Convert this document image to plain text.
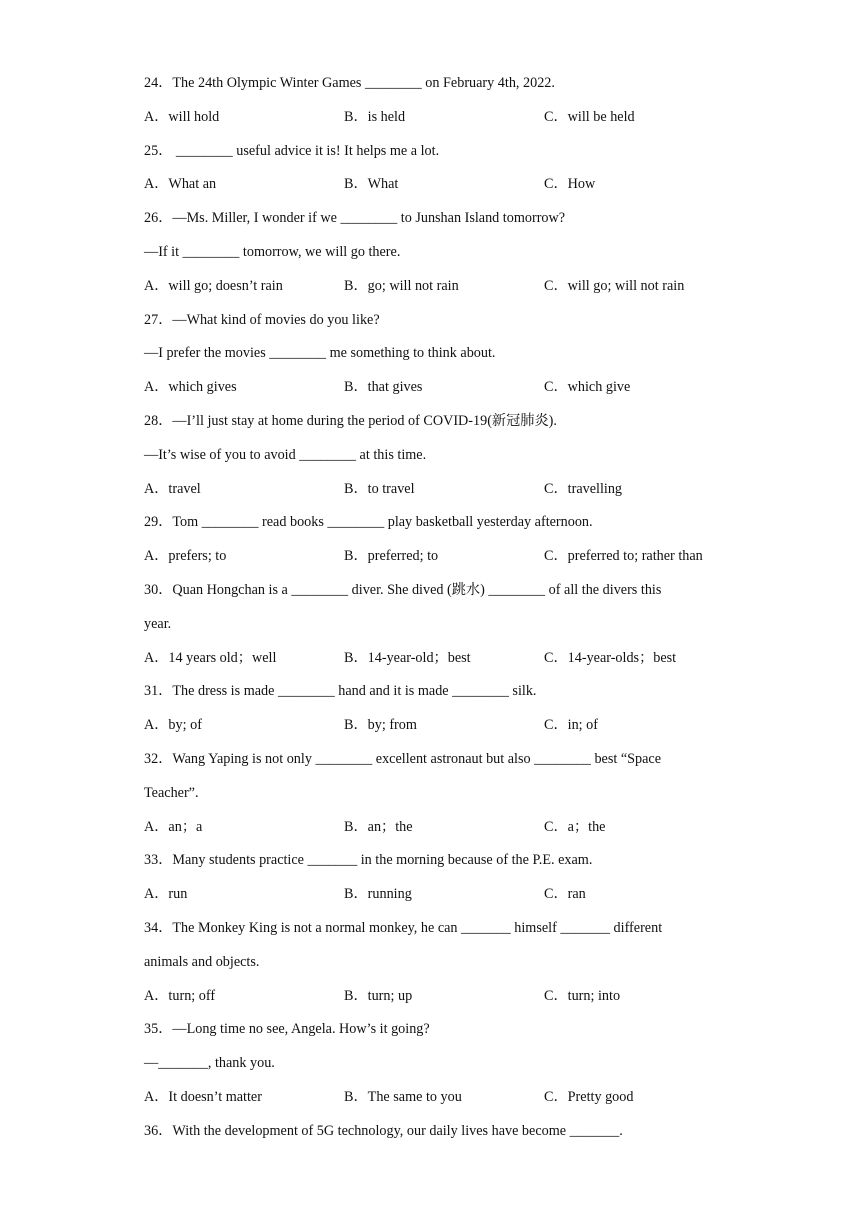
24．The 24th Olympic Winter Games ________ on February 4th, 2022.
A．will hold	B．is held	C．will be held
25． ________ useful advice it is! It helps me a lot.
A．What an	B．What	C．How
26．—Ms. Miller, I wonder if we ________ to Junshan Island tomorrow?
—If it ________ tomorrow, we will go there.
A．will go; doesn’t rain	B．go; will not rain	C．will go; will not rain
27．—What kind of movies do you like?
—I prefer the movies ________ me something to think about.
A．which gives	B．that gives	C．which give
28．—I’ll just stay at home during the period of COVID-19(新冠肺炎).
—It’s wise of you to avoid ________ at this time.
A．travel	B．to travel	C．travelling
29．Tom ________ read books ________ play basketball yesterday afternoon.
A．prefers; to	B．preferred; to	C．preferred to; rather than
30．Quan Hongchan is a ________ diver. She dived (跳水) ________ of all the divers this
year.
A．14 years old；well	B．14-year-old；best	C．14-year-olds；best
31．The dress is made ________ hand and it is made ________ silk.
A．by; of	B．by; from	C．in; of
32．Wang Yaping is not only ________ excellent astronaut but also ________ best “Space
Teacher”.
A．an；a	B．an；the	C．a；the
33．Many students practice _______ in the morning because of the P.E. exam.
A．run	B．running	C．ran
34．The Monkey King is not a normal monkey, he can _______ himself _______ different
animals and objects.
A．turn; off	B．turn; up	C．turn; into
35．—Long time no see, Angela. How’s it going?
—_______, thank you.
A．It doesn’t matter	B．The same to you	C．Pretty good
36．With the development of 5G technology, our daily lives have become _______.
